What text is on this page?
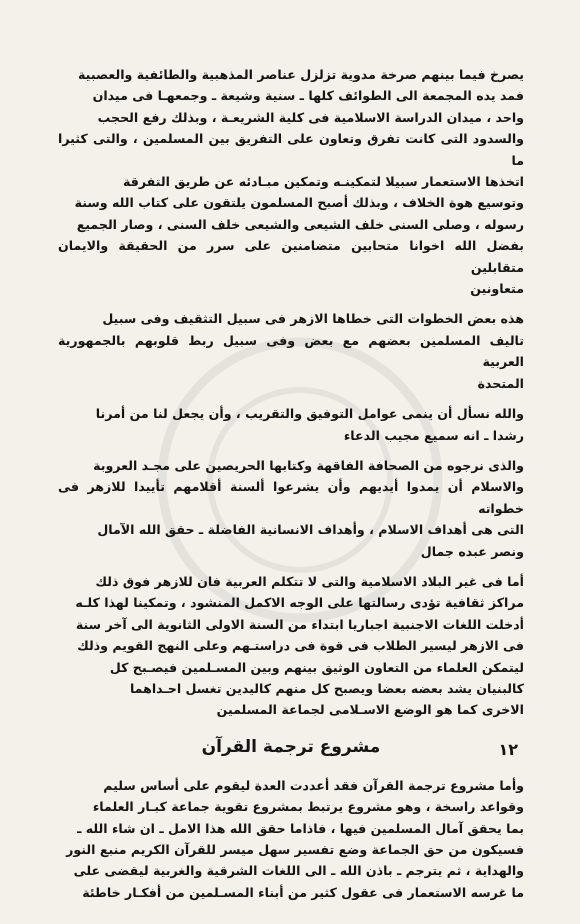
يصرخ فيما بينهم صرخة مدوية تزلزل عناصر المذهبية والطائفية والعصبية
فمد يده المجمعة الى الطوائف كلها ـ سنية وشيعة ـ وجمعهـا فى ميدان
واحد ، ميدان الدراسة الاسلامية فى كلية الشريعـة ، وبذلك رفع الحجب
والسدود التى كانت تفرق وتعاون على التفريق بين المسلمين ، والتى كثيرا ما
اتخذها الاستعمار سبيلا لتمكينـه وتمكين مبـادئه عن طريق التفرقة
وتوسيع هوة الخلاف ، وبذلك أصبح المسلمون يلتقون على كتاب الله وسنة
رسوله ، وصلى السنى خلف الشيعى والشيعى خلف السنى ، وصار الجميع
بفضل الله اخوانا متحابين متضامنين على سرر من الحقيقة والايمان متقابلين
متعاونين

هذه بعض الخطوات التى خطاها الازهر فى سبيل التثقيف وفى سبيل
تاليف المسلمين بعضهم مع بعض وفى سبيل ربط قلوبهم بالجمهورية العربية
المتحدة

والله نسأل أن ينمى عوامل التوفيق والتقريب ، وأن يجعل لنا من أمرنا
رشدا ـ انه سميع مجيب الدعاء

والذى نرجوه من الصحافة الفاقهة وكتابها الحريصين على مجـد العروبة
والاسلام أن يمدوا أيديهم وأن يشرعوا ألسنة أقلامهم تأييدا للازهر فى خطواته
التى هى أهداف الاسلام ، وأهداف الانسانية الفاضلة ـ حقق الله الآمال
ونصر عبده جمال

أما فى غير البلاد الاسلامية والتى لا تتكلم العربية فان للازهر فوق ذلك
مراكز ثقافية تؤدى رسالتها على الوجه الاكمل المنشود ، وتمكينا لهذا كلـه
أدخلت اللغات الاجنبية اجباريا ابتداء من السنة الاولى الثانوية الى آخر سنة
فى الازهر ليسير الطلاب فى قوة فى دراستـهم وعلى النهج القويم وذلك
ليتمكن العلماء من التعاون الوثيق بينهم وبين المسـلمين فيصـبح كل
كالبنيان يشد بعضه بعضا ويصبح كل منهم كاليدين تغسل احـداهما
الاخرى كما هو الوضع الاسـلامى لجماعة المسلمين

مشروع ترجمة القرآن

وأما مشروع ترجمة القرآن فقد أعددت العدة ليقوم على أساس سليم
وقواعد راسخة ، وهو مشروع يرتبط بمشروع تقوية جماعة كبـار العلماء
بما يحقق آمال المسلمين فيها ، فاذاما حقق الله هذا الامل ـ ان شاء الله ـ
فسيكون من حق الجماعة وضع تفسير سهل ميسر للقرآن الكريم منبع النور
والهداية ، ثم يترجم ـ باذن الله ـ الى اللغات الشرقية والغربية ليقضى على
ما غرسه الاستعمار فى عقول كثير من أبناء المسـلمين من أفكـار خاطئة

١٢
